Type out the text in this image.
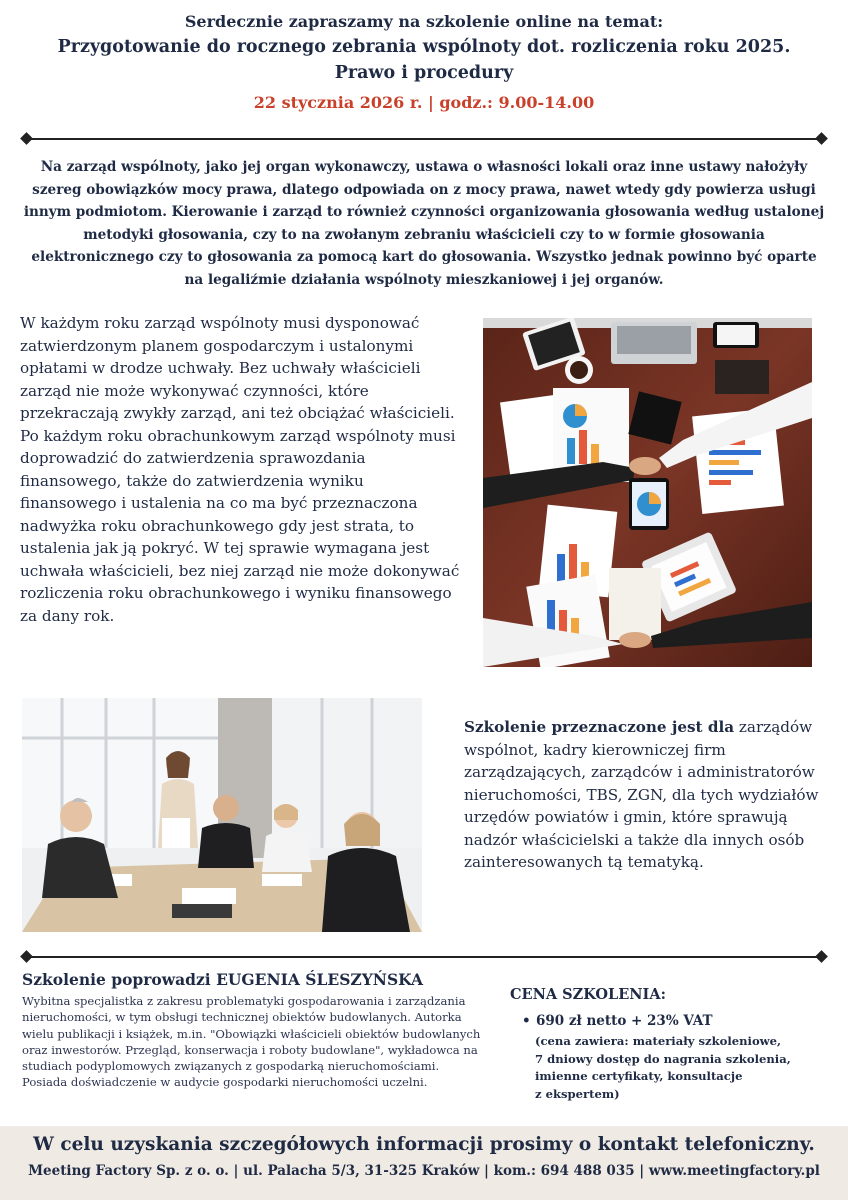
Serdecznie zapraszamy na szkolenie online na temat:
Przygotowanie do rocznego zebrania wspólnoty dot. rozliczenia roku 2025.
Prawo i procedury
22 stycznia 2026 r. | godz.: 9.00-14.00
Na zarząd wspólnoty, jako jej organ wykonawczy, ustawa o własności lokali oraz inne ustawy nałożyły szereg obowiązków mocy prawa, dlatego odpowiada on z mocy prawa, nawet wtedy gdy powierza usługi innym podmiotom. Kierowanie i zarząd to również czynności organizowania głosowania według ustalonej metodyki głosowania, czy to na zwołanym zebraniu właścicieli czy to w formie głosowania elektronicznego czy to głosowania za pomocą kart do głosowania. Wszystko jednak powinno być oparte na legaliźmie działania wspólnoty mieszkaniowej i jej organów.
W każdym roku zarząd wspólnoty musi dysponować zatwierdzonym planem gospodarczym i ustalonymi opłatami w drodze uchwały. Bez uchwały właścicieli zarząd nie może wykonywać czynności, które przekraczają zwykły zarząd, ani też obciążać właścicieli.
Po każdym roku obrachunkowym zarząd wspólnoty musi doprowadzić do zatwierdzenia sprawozdania finansowego, także do zatwierdzenia wyniku finansowego i ustalenia na co ma być przeznaczona nadwyżka roku obrachunkowego gdy jest strata, to ustalenia jak ją pokryć. W tej sprawie wymagana jest uchwała właścicieli, bez niej zarząd nie może dokonywać rozliczenia roku obrachunkowego i wyniku finansowego za dany rok.
Szkolenie przeznaczone jest dla zarządów wspólnot, kadry kierowniczej firm zarządzających, zarządców i administratorów nieruchomości, TBS, ZGN, dla tych wydziałów urzędów powiatów i gmin, które sprawują nadzór właścicielski a także dla innych osób zainteresowanych tą tematyką.
Szkolenie poprowadzi EUGENIA ŚLESZYŃSKA
Wybitna specjalistka z zakresu problematyki gospodarowania i zarządzania nieruchomości, w tym obsługi technicznej obiektów budowlanych. Autorka wielu publikacji i książek, m.in. "Obowiązki właścicieli obiektów budowlanych oraz inwestorów. Przegląd, konserwacja i roboty budowlane", wykładowca na studiach podyplomowych związanych z gospodarką nieruchomościami. Posiada doświadczenie w audycie gospodarki nieruchomości uczelni.
CENA SZKOLENIA:
• 690 zł netto + 23% VAT
(cena zawiera: materiały szkoleniowe,
7 dniowy dostęp do nagrania szkolenia,
imienne certyfikaty, konsultacje
z ekspertem)
W celu uzyskania szczegółowych informacji prosimy o kontakt telefoniczny.
Meeting Factory Sp. z o. o. | ul. Palacha 5/3, 31-325 Kraków | kom.: 694 488 035 | www.meetingfactory.pl
